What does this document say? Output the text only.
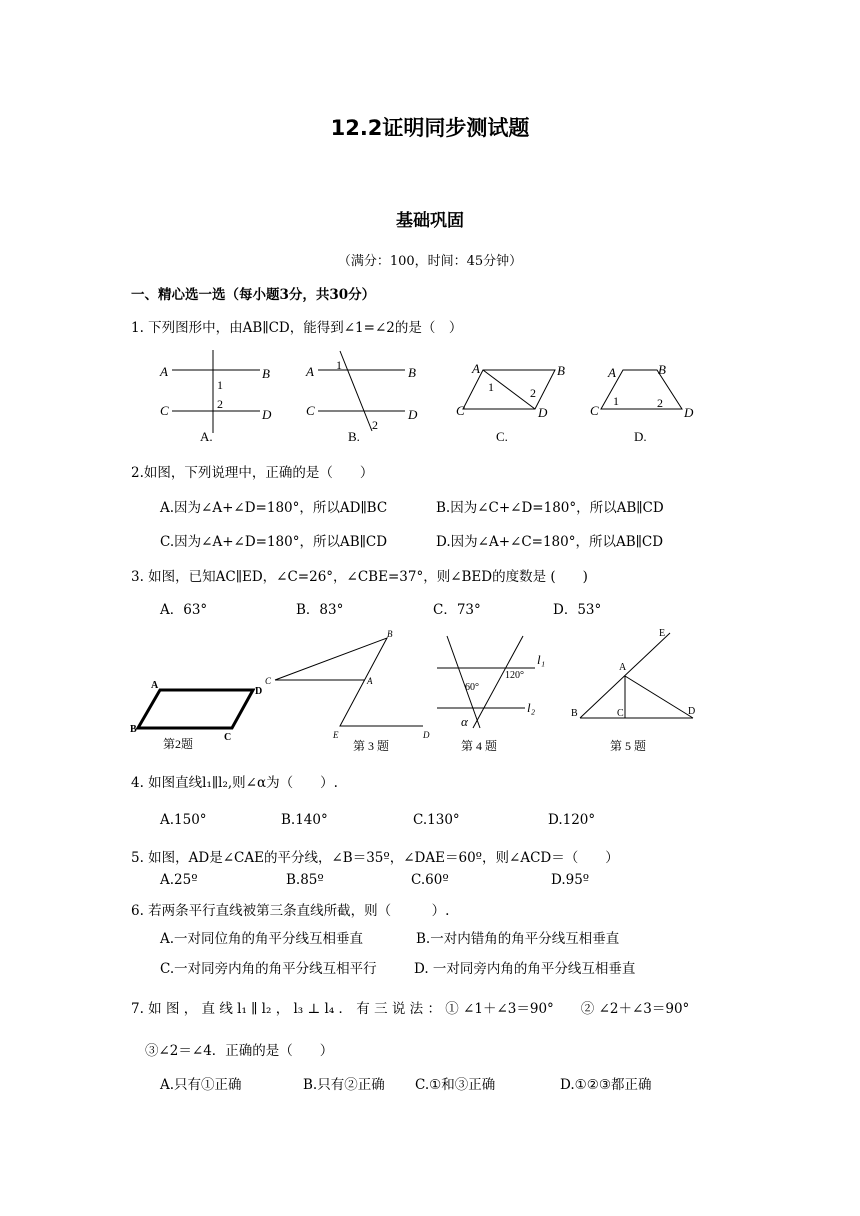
12.2证明同步测试题
基础巩固
（满分：100，时间：45分钟）
一、精心选一选（每小题3分，共30分）
1. 下列图形中，由AB∥CD，能得到∠1=∠2的是（　）
A	B
C	D
1
2
A	B
C	D
1
2
A	B
C	D
1	2
A	B
C	D
1	2
A.	B.	C.	D.
2.如图，下列说理中，正确的是（　　）
A.因为∠A+∠D=180°，所以AD∥BC	B.因为∠C+∠D=180°，所以AB∥CD
C.因为∠A+∠D=180°，所以AB∥CD	D.因为∠A+∠C=180°，所以AB∥CD
3. 如图，已知AC∥ED，∠C=26°，∠CBE=37°，则∠BED的度数是 (　　)
A．63°	B．83°	C．73°	D．53°
A
B
C
D
第2题
C
B
A
E	D
第 3 题
60°
120°
α
l₁
l₂
第 4 题
E
A
B	C	D
第 5 题
4. 如图直线l₁∥l₂,则∠α为（　　）.
A.150°	B.140°	C.130°	D.120°
5. 如图，AD是∠CAE的平分线，∠B＝35º，∠DAE＝60º，则∠ACD＝（　　）
A.25º	B.85º	C.60º	D.95º
6. 若两条平行直线被第三条直线所截，则（　　　）.
A.一对同位角的角平分线互相垂直	B.一对内错角的角平分线互相垂直
C.一对同旁内角的角平分线互相平行	D. 一对同旁内角的角平分线互相垂直
7. 如 图 ， 直 线 l₁ ∥ l₂ ， l₃ ⊥ l₄ ． 有 三 说 法 ： ① ∠1＋∠3＝90°　　② ∠2＋∠3＝90°
③∠2＝∠4．正确的是（　　）
A.只有①正确	B.只有②正确 C.①和③正确	D.①②③都正确
